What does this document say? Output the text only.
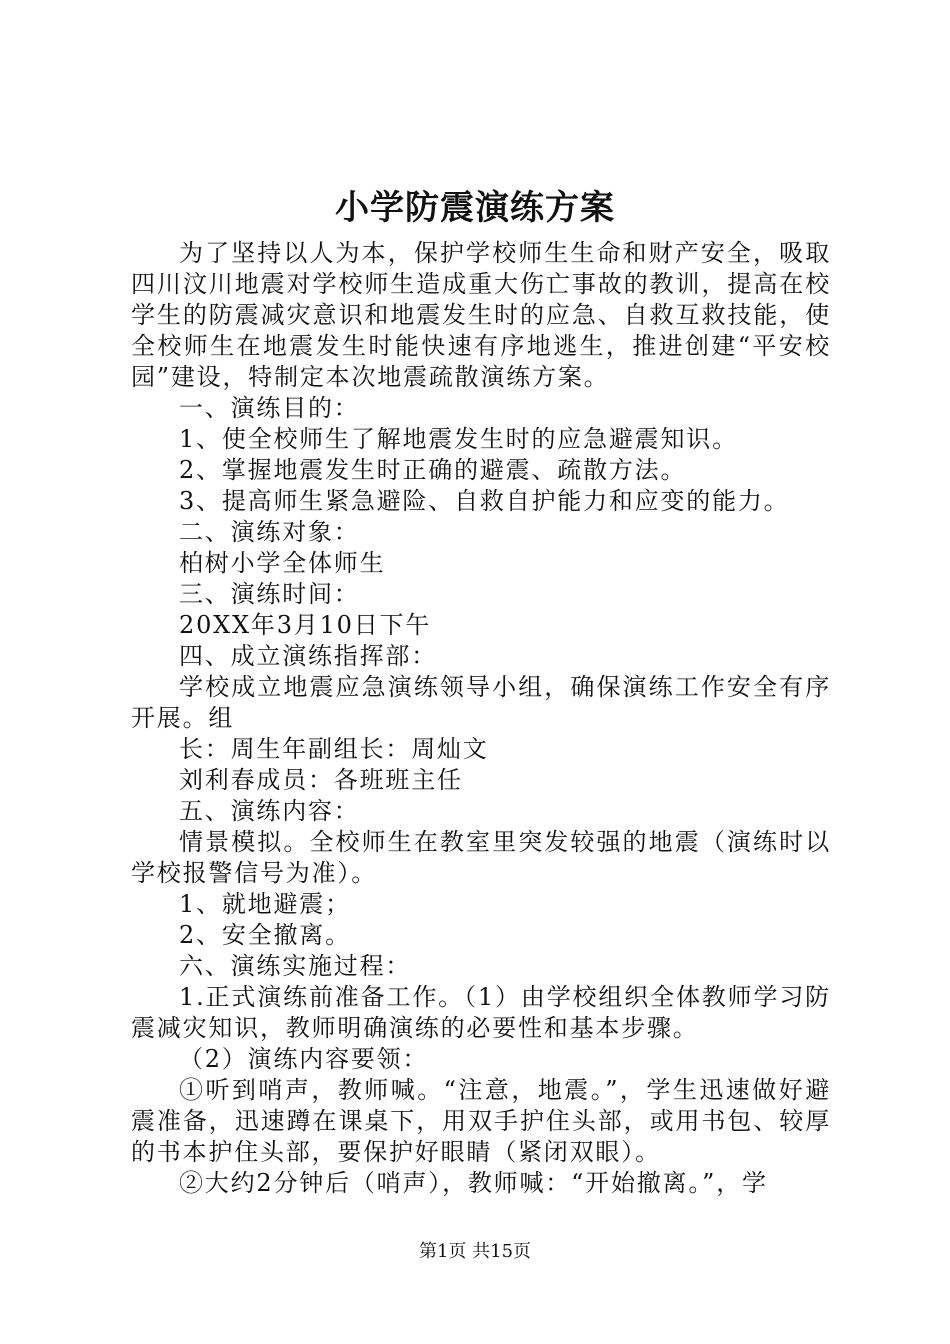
小学防震演练方案

为了坚持以人为本，保护学校师生生命和财产安全，吸取四川汶川地震对学校师生造成重大伤亡事故的教训，提高在校学生的防震减灾意识和地震发生时的应急、自救互救技能，使全校师生在地震发生时能快速有序地逃生，推进创建“平安校园”建设，特制定本次地震疏散演练方案。

一、演练目的：

1、使全校师生了解地震发生时的应急避震知识。

2、掌握地震发生时正确的避震、疏散方法。

3、提高师生紧急避险、自救自护能力和应变的能力。

二、演练对象：

柏树小学全体师生

三、演练时间：

20XX年3月10日下午

四、成立演练指挥部：

学校成立地震应急演练领导小组，确保演练工作安全有序开展。组

长：周生年副组长：周灿文

刘利春成员：各班班主任

五、演练内容：

情景模拟。全校师生在教室里突发较强的地震（演练时以学校报警信号为准）。

1、就地避震；

2、安全撤离。

六、演练实施过程：

1.正式演练前准备工作。（1）由学校组织全体教师学习防震减灾知识，教师明确演练的必要性和基本步骤。

（2）演练内容要领：

①听到哨声，教师喊。“注意，地震。”，学生迅速做好避震准备，迅速蹲在课桌下，用双手护住头部，或用书包、较厚的书本护住头部，要保护好眼睛（紧闭双眼）。

②大约2分钟后（哨声），教师喊：“开始撤离。”，学

第1页 共15页
